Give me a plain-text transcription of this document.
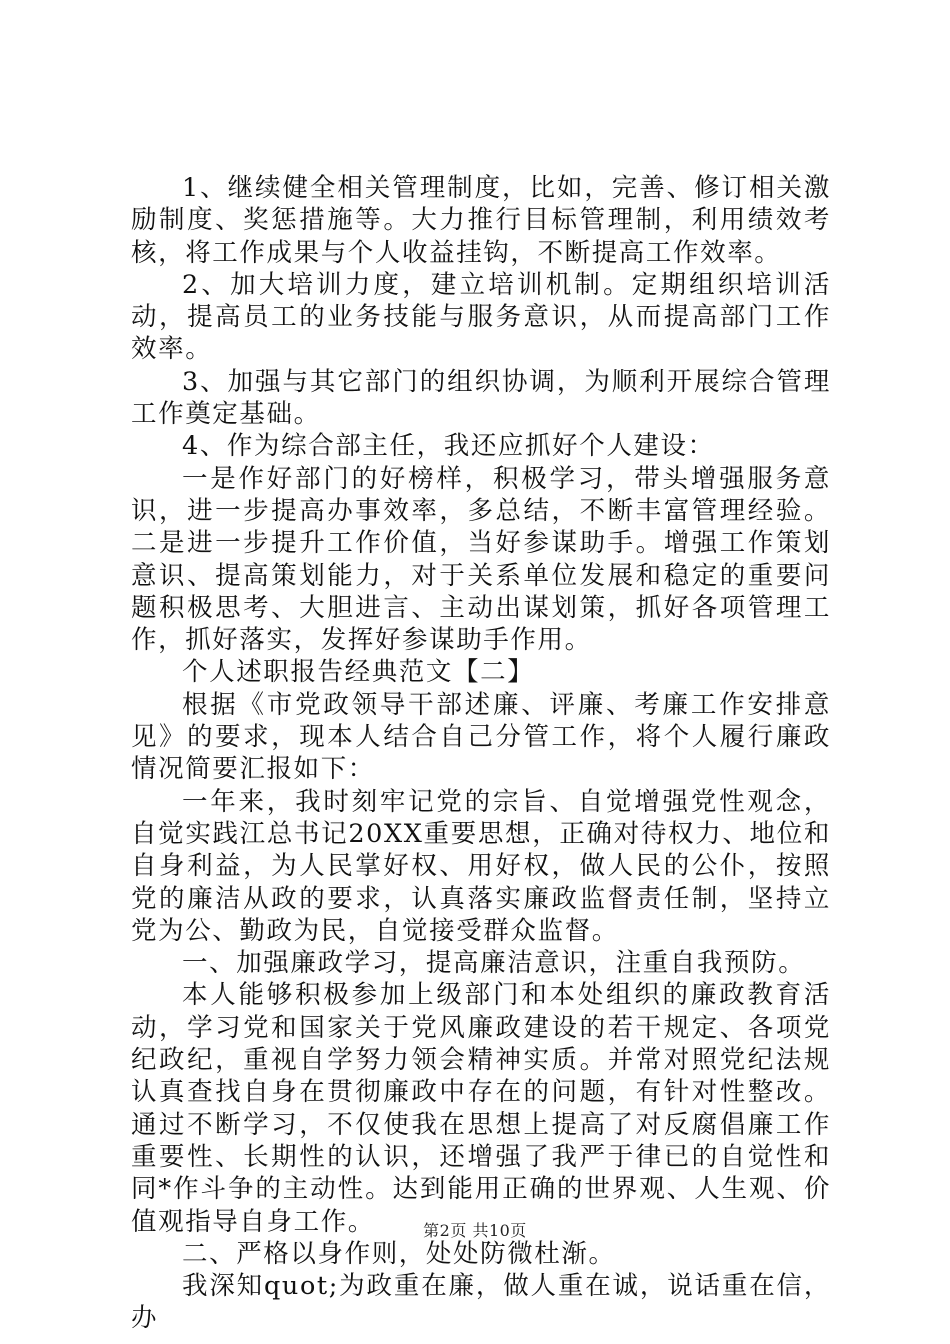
1、继续健全相关管理制度，比如，完善、修订相关激励制度、奖惩措施等。大力推行目标管理制，利用绩效考核，将工作成果与个人收益挂钩，不断提高工作效率。

2、加大培训力度，建立培训机制。定期组织培训活动，提高员工的业务技能与服务意识，从而提高部门工作效率。

3、加强与其它部门的组织协调，为顺利开展综合管理工作奠定基础。

4、作为综合部主任，我还应抓好个人建设：

一是作好部门的好榜样，积极学习，带头增强服务意识，进一步提高办事效率，多总结，不断丰富管理经验。二是进一步提升工作价值，当好参谋助手。增强工作策划意识、提高策划能力，对于关系单位发展和稳定的重要问题积极思考、大胆进言、主动出谋划策，抓好各项管理工作，抓好落实，发挥好参谋助手作用。

个人述职报告经典范文【二】

根据《市党政领导干部述廉、评廉、考廉工作安排意见》的要求，现本人结合自己分管工作，将个人履行廉政情况简要汇报如下：

一年来，我时刻牢记党的宗旨、自觉增强党性观念，自觉实践江总书记20XX重要思想，正确对待权力、地位和自身利益，为人民掌好权、用好权，做人民的公仆，按照党的廉洁从政的要求，认真落实廉政监督责任制，坚持立党为公、勤政为民，自觉接受群众监督。

一、加强廉政学习，提高廉洁意识，注重自我预防。

本人能够积极参加上级部门和本处组织的廉政教育活动，学习党和国家关于党风廉政建设的若干规定、各项党纪政纪，重视自学努力领会精神实质。并常对照党纪法规认真查找自身在贯彻廉政中存在的问题，有针对性整改。通过不断学习，不仅使我在思想上提高了对反腐倡廉工作重要性、长期性的认识，还增强了我严于律已的自觉性和同*作斗争的主动性。达到能用正确的世界观、人生观、价值观指导自身工作。

二、严格以身作则，处处防微杜渐。

我深知quot;为政重在廉，做人重在诚，说话重在信，办

第2页 共10页
